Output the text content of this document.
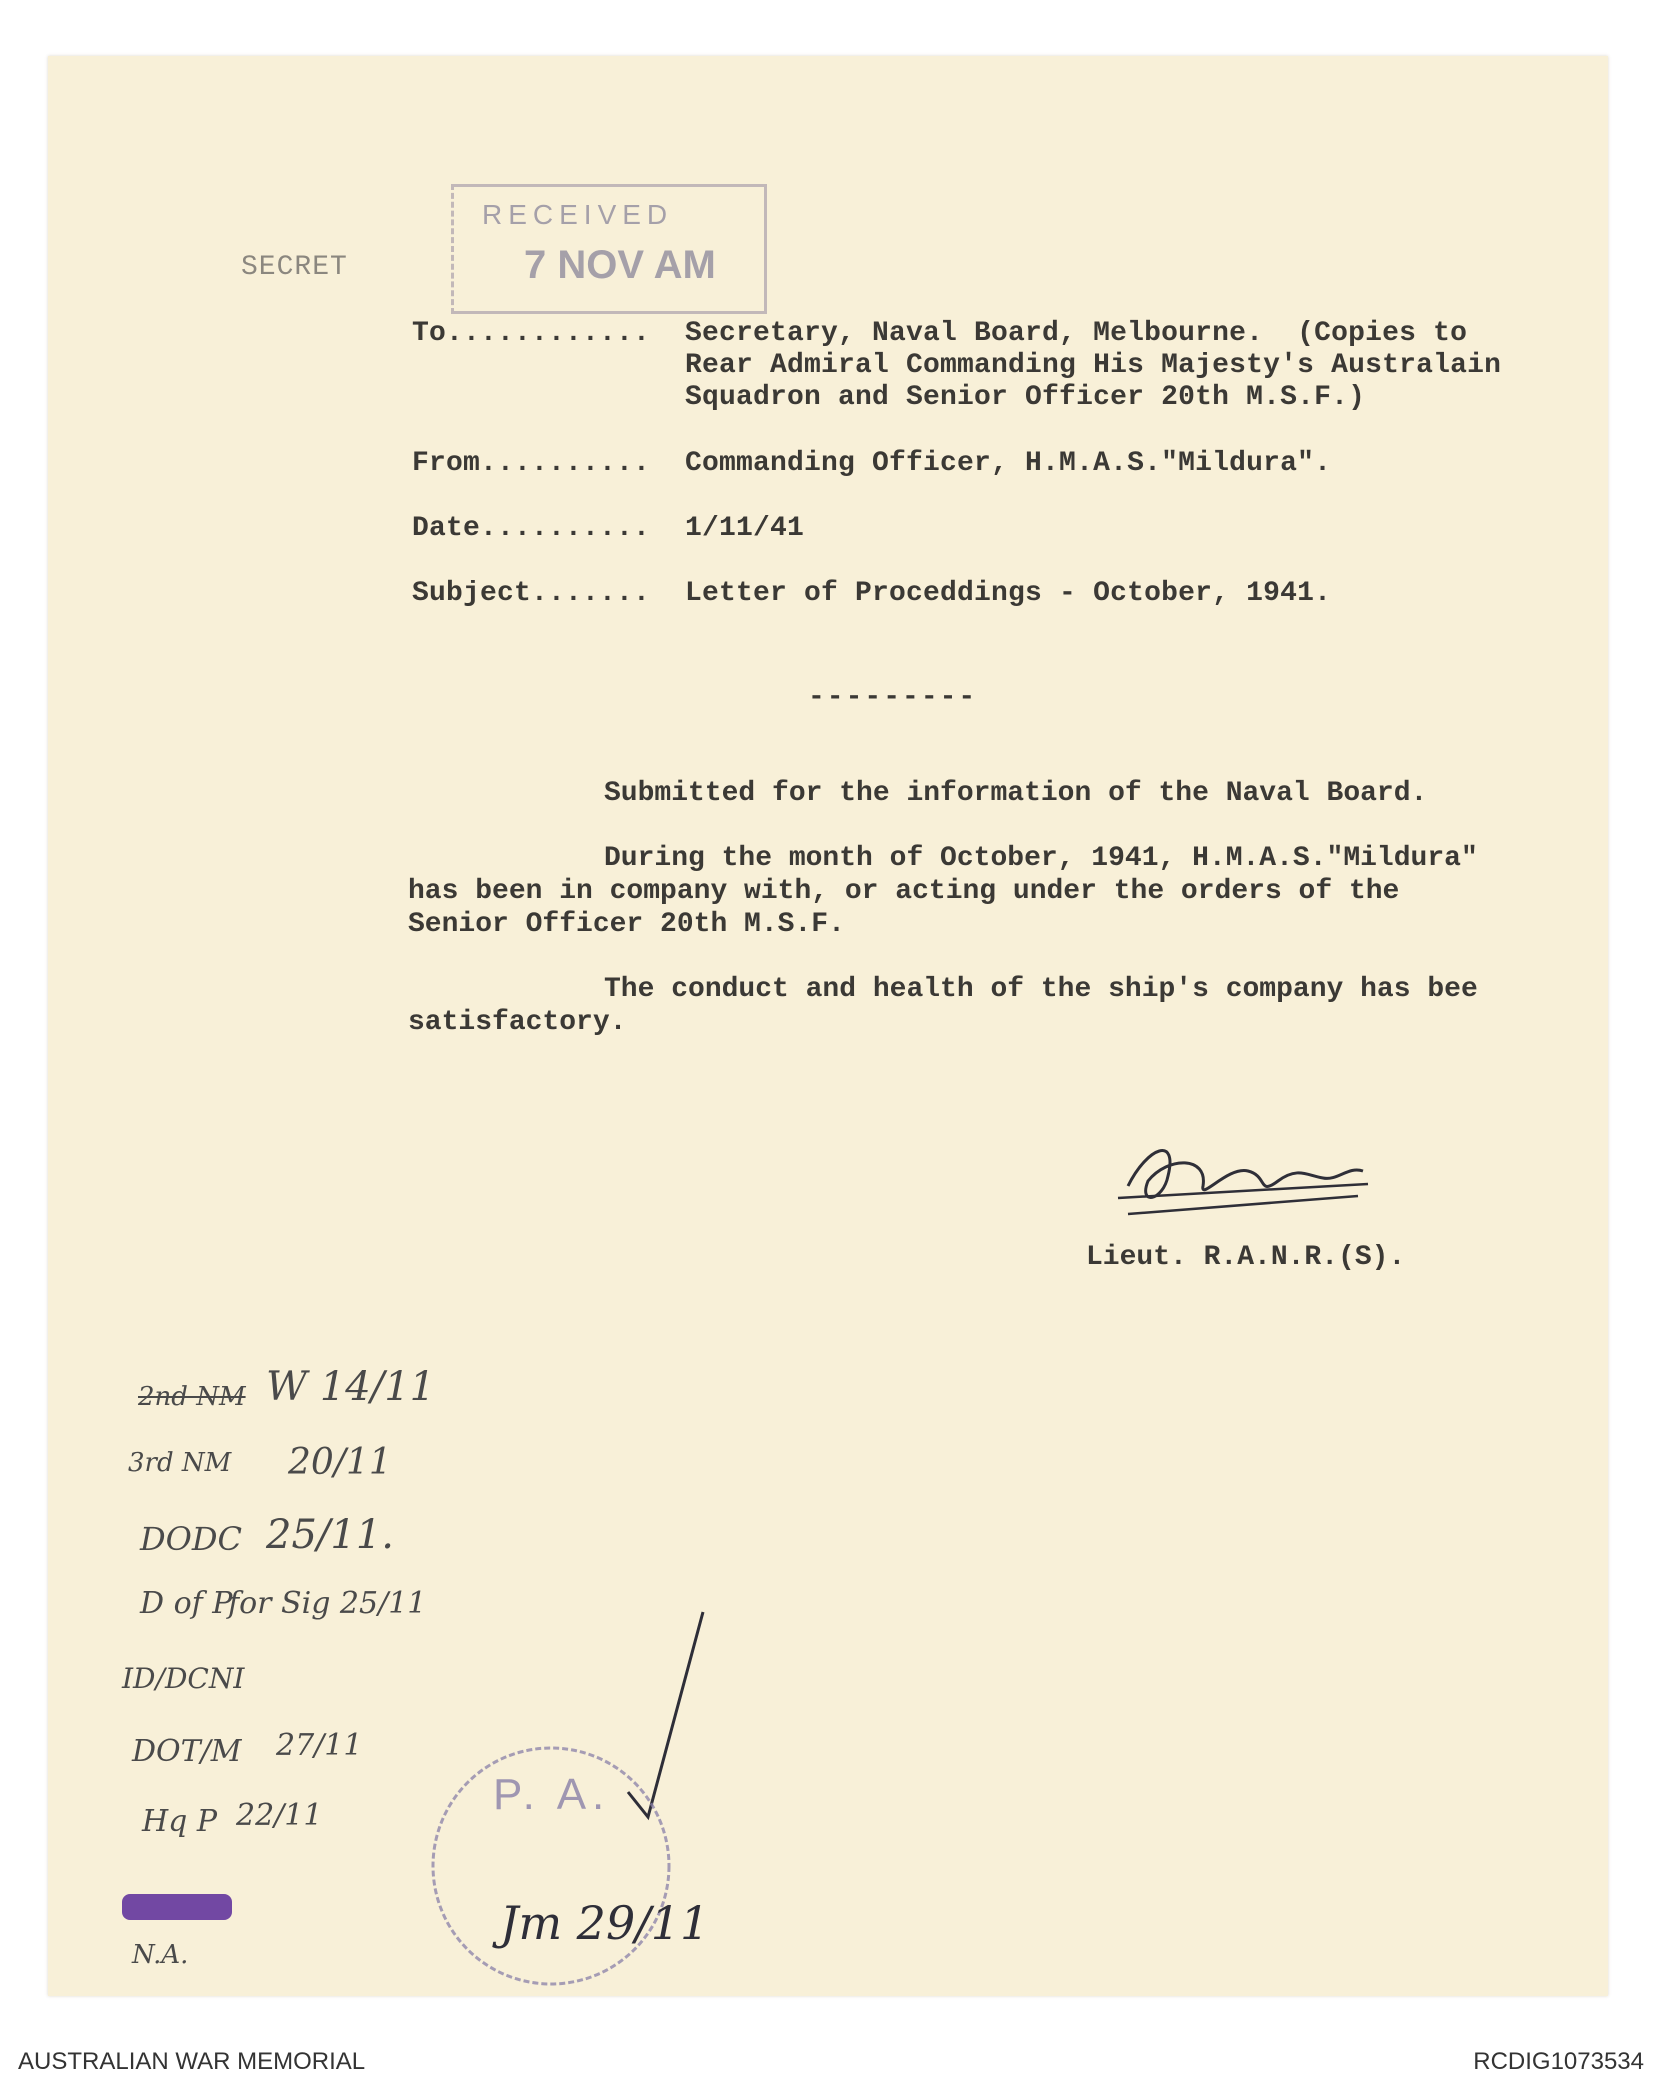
SECRET
RECEIVED
7 NOV AM
To............ Secretary, Naval Board, Melbourne.  (Copies to
Rear Admiral Commanding His Majesty's Australain
Squadron and Senior Officer 20th M.S.F.)
From.......... Commanding Officer, H.M.A.S."Mildura".
Date.......... 1/11/41
Subject....... Letter of Proceddings - October, 1941.
---------
Submitted for the information of the Naval Board.
During the month of October, 1941, H.M.A.S."Mildura"
has been in company with, or acting under the orders of the
Senior Officer 20th M.S.F.
The conduct and health of the ship's company has bee
satisfactory.
Lieut. R.A.N.R.(S).
2nd NM W 14/11
3rd NM 20/11
DODC 25/11.
D of P
for Sig 25/11
ID/DCNI
DOT/M 27/11
Hq P 22/11
N.A.
P. A.
Jm 29/11
AUSTRALIAN WAR MEMORIAL	RCDIG1073534
